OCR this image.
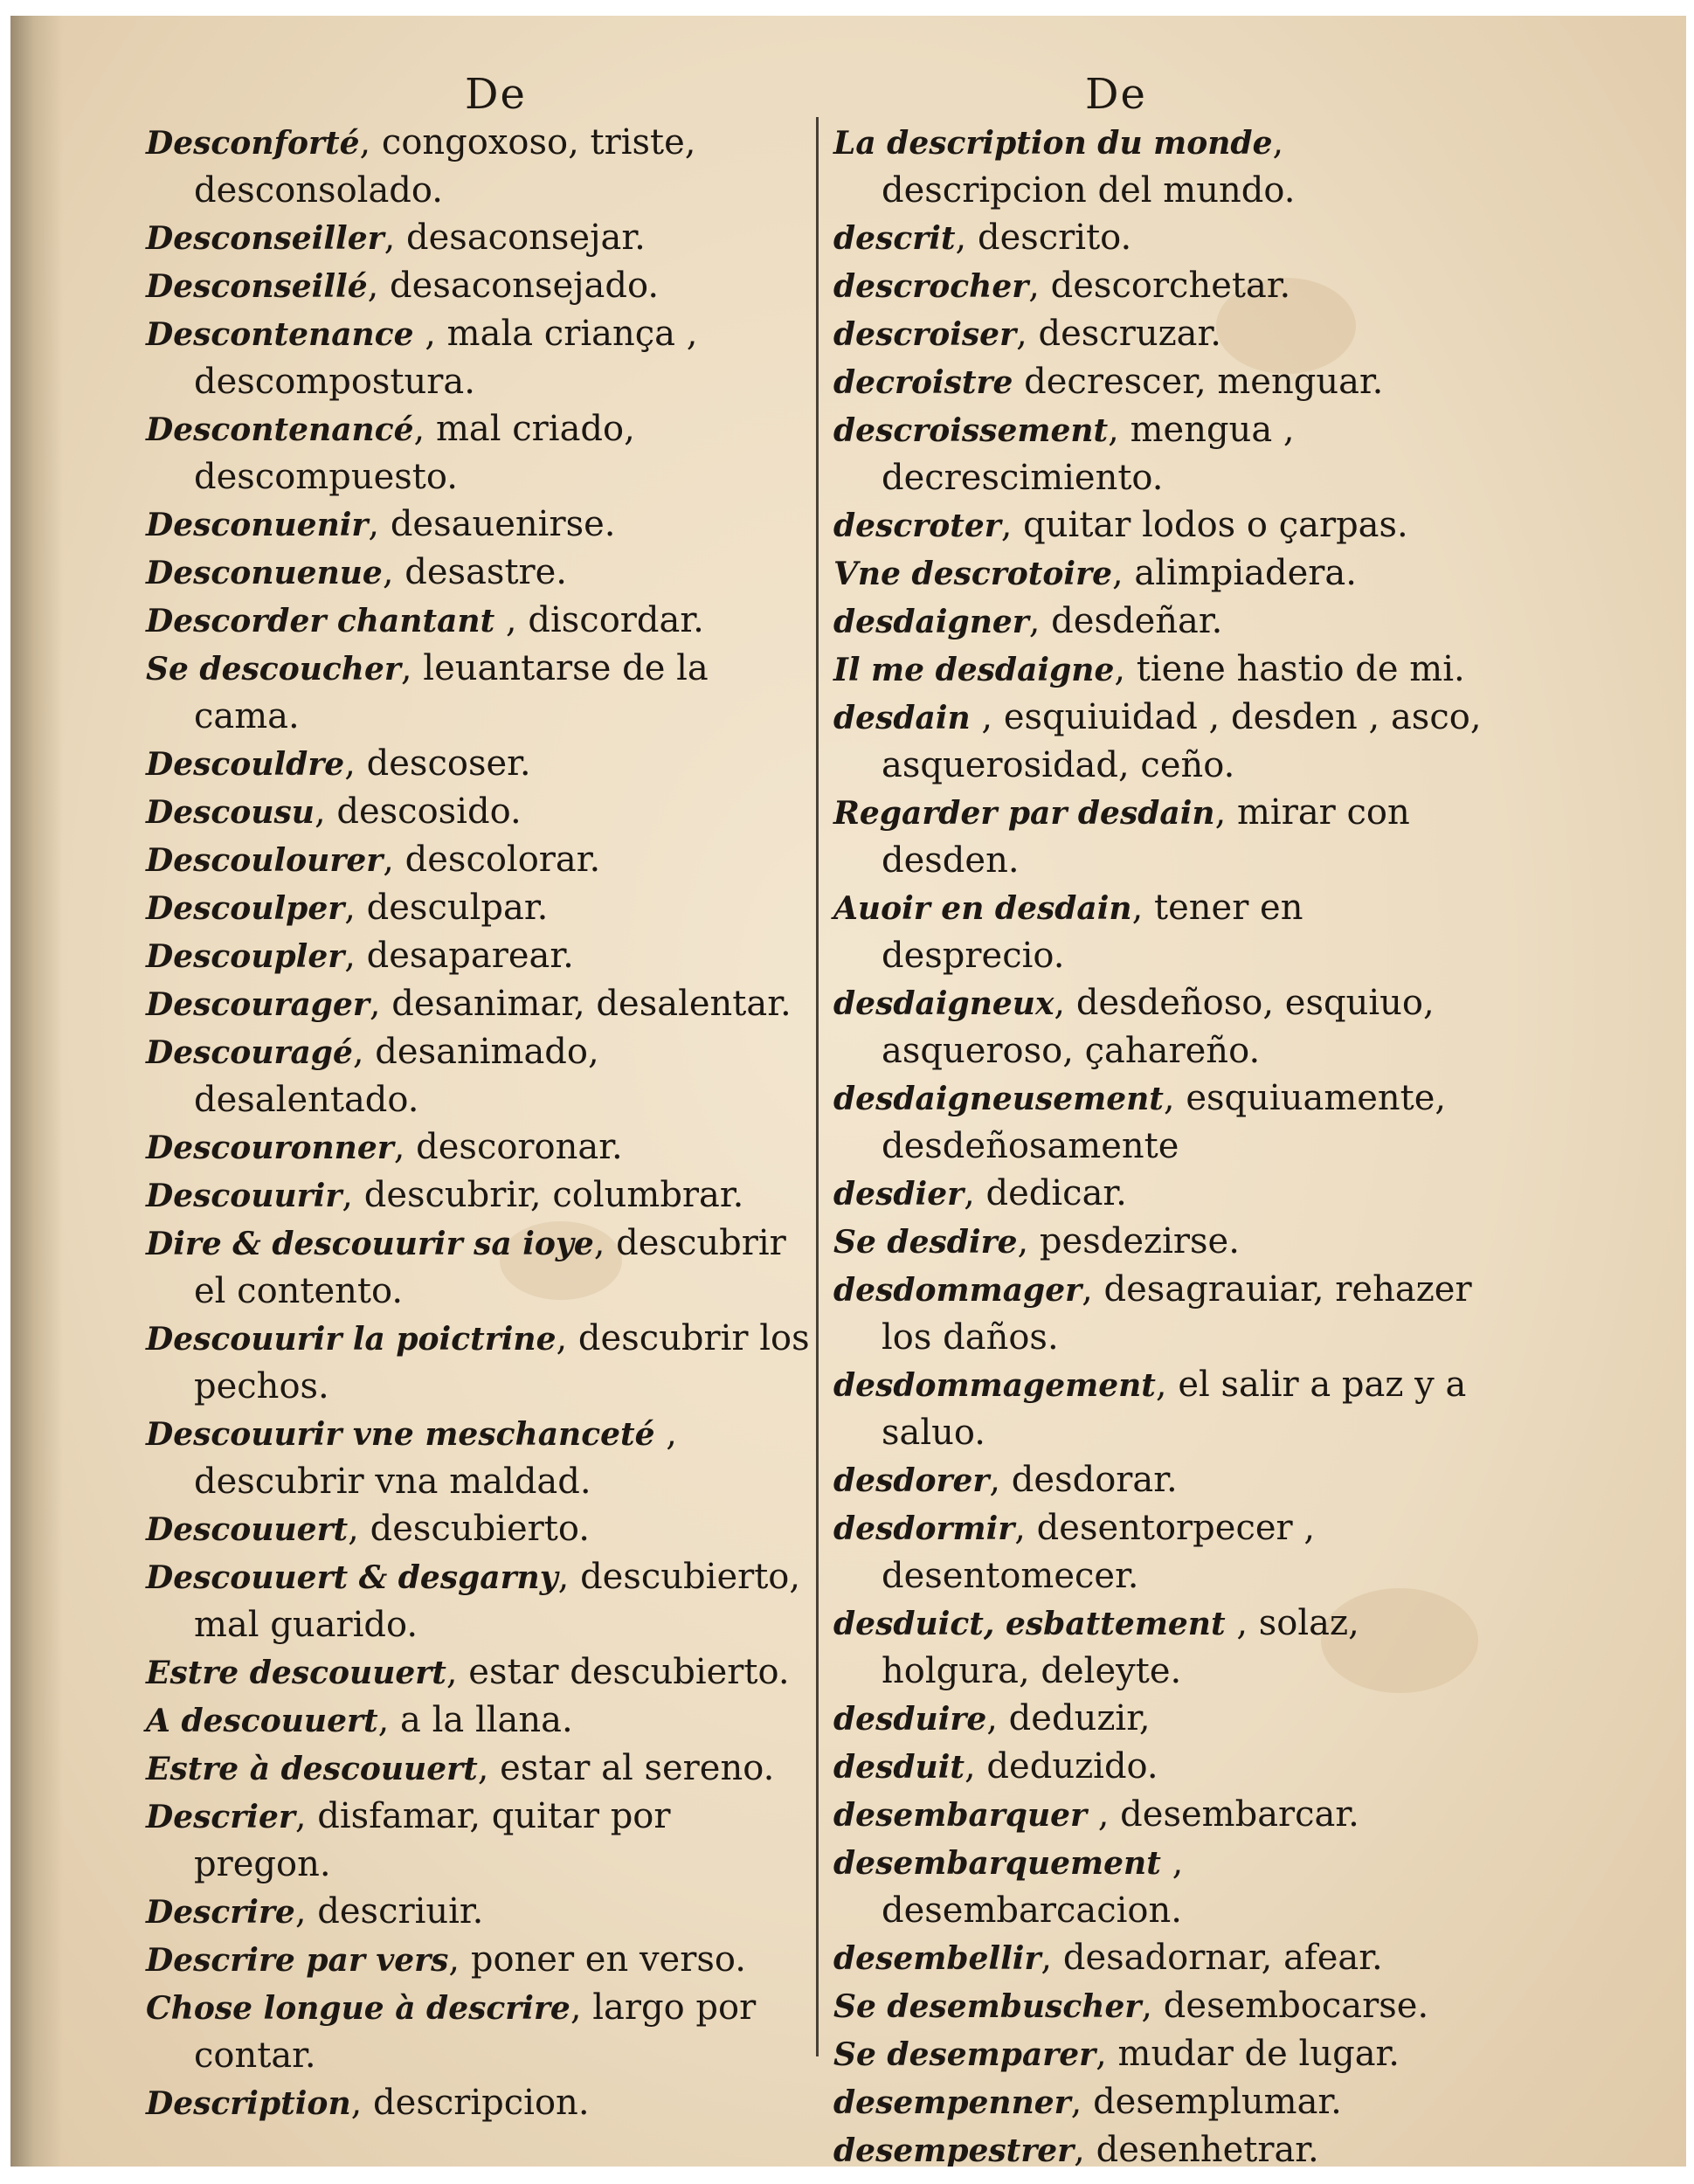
De	De

Desconforté, congoxoso, triste, desconsolado.

Desconseiller, desaconsejar.

Desconseillé, desaconsejado.

Descontenance , mala criança , descompostura.

Descontenancé, mal criado, descompuesto.

Desconuenir, desauenirse.

Desconuenue, desastre.

Descorder chantant , discordar.

Se descoucher, leuantarse de la cama.

Descouldre, descoser.

Descousu, descosido.

Descoulourer, descolorar.

Descoulper, desculpar.

Descoupler, desaparear.

Descourager, desanimar, desalentar.

Descouragé, desanimado, desalentado.

Descouronner, descoronar.

Descouurir, descubrir, columbrar.

Dire & descouurir sa ioye, descubrir el contento.

Descouurir la poictrine, descubrir los pechos.

Descouurir vne meschanceté , descubrir vna maldad.

Descouuert, descubierto.

Descouuert & desgarny, descubierto, mal guarido.

Estre descouuert, estar descubierto.

A descouuert, a la llana.

Estre à descouuert, estar al sereno.

Descrier, disfamar, quitar por pregon.

Descrire, descriuir.

Descrire par vers, poner en verso.

Chose longue à descrire, largo por contar.

Description, descripcion.

La description du monde, descripcion del mundo.

descrit, descrito.

descrocher, descorchetar.

descroiser, descruzar.

decroistre decrescer, menguar.

descroissement, mengua , decrescimiento.

descroter, quitar lodos o çarpas.

Vne descrotoire, alimpiadera.

desdaigner, desdeñar.

Il me desdaigne, tiene hastio de mi.

desdain , esquiuidad , desden , asco, asquerosidad, ceño.

Regarder par desdain, mirar con desden.

Auoir en desdain, tener en desprecio.

desdaigneux, desdeñoso, esquiuo, asquerosο, çahareño.

desdaigneusement, esquiuamente, desdeñosamente

desdier, dedicar.

Se desdire, pesdezirse.

desdommager, desagrauiar, rehazer los daños.

desdommagement, el salir a paz y a saluo.

desdorer, desdorar.

desdormir, desentorpecer , desentomecer.

desduict, esbattement , solaz, holgura, deleyte.

desduire, deduzir,

desduit, deduzido.

desembarquer , desembarcar.

desembarquement , desembarcacion.

desembellir, desadornar, afear.

Se desembuscher, desembocarse.

Se desemparer, mudar de lugar.

desempenner, desemplumar.

desempestrer, desenhetrar.
